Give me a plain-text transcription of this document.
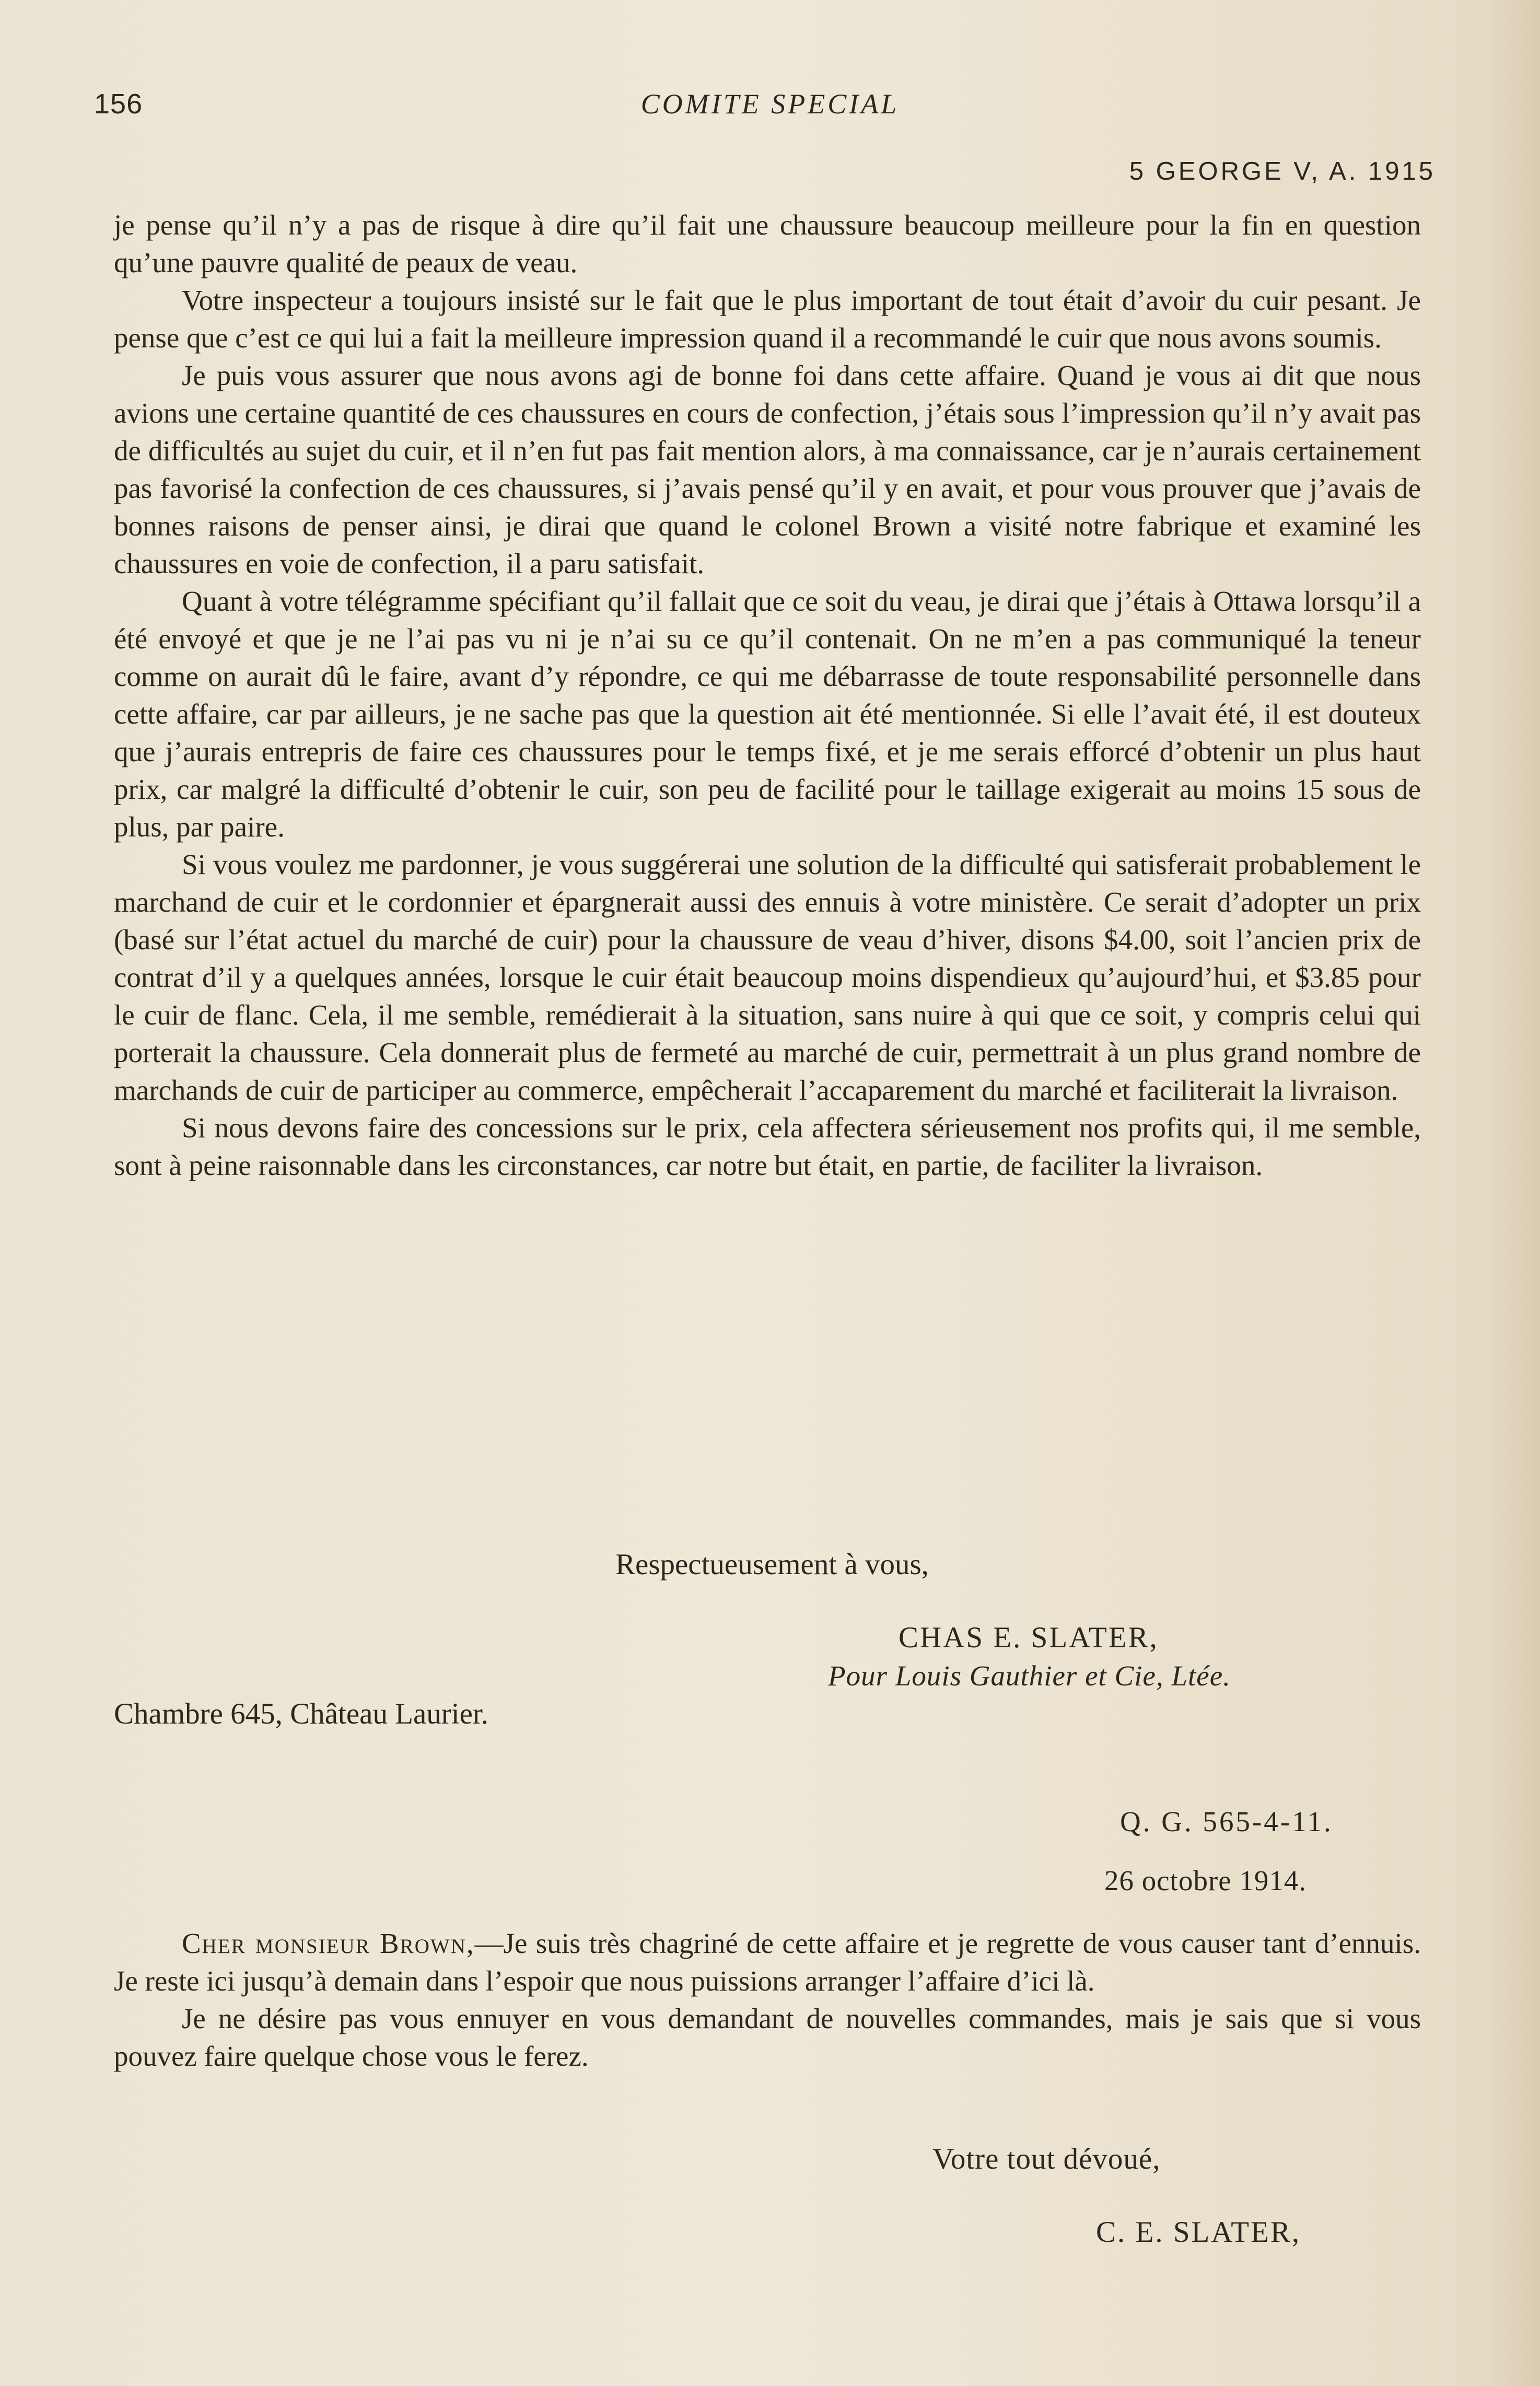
156	COMITE SPECIAL
5 GEORGE V, A. 1915

je pense qu’il n’y a pas de risque à dire qu’il fait une chaussure beaucoup meilleure pour la fin en question qu’une pauvre qualité de peaux de veau.

Votre inspecteur a toujours insisté sur le fait que le plus important de tout était d’avoir du cuir pesant. Je pense que c’est ce qui lui a fait la meilleure impression quand il a recommandé le cuir que nous avons soumis.

Je puis vous assurer que nous avons agi de bonne foi dans cette affaire. Quand je vous ai dit que nous avions une certaine quantité de ces chaussures en cours de confection, j’étais sous l’impression qu’il n’y avait pas de difficultés au sujet du cuir, et il n’en fut pas fait mention alors, à ma connaissance, car je n’aurais certainement pas favorisé la confection de ces chaussures, si j’avais pensé qu’il y en avait, et pour vous prouver que j’avais de bonnes raisons de penser ainsi, je dirai que quand le colonel Brown a visité notre fabrique et examiné les chaussures en voie de confection, il a paru satisfait.

Quant à votre télégramme spécifiant qu’il fallait que ce soit du veau, je dirai que j’étais à Ottawa lorsqu’il a été envoyé et que je ne l’ai pas vu ni je n’ai su ce qu’il contenait. On ne m’en a pas communiqué la teneur comme on aurait dû le faire, avant d’y répondre, ce qui me débarrasse de toute responsabilité personnelle dans cette affaire, car par ailleurs, je ne sache pas que la question ait été mentionnée. Si elle l’avait été, il est douteux que j’aurais entrepris de faire ces chaussures pour le temps fixé, et je me serais efforcé d’obtenir un plus haut prix, car malgré la difficulté d’obtenir le cuir, son peu de facilité pour le taillage exigerait au moins 15 sous de plus, par paire.

Si vous voulez me pardonner, je vous suggérerai une solution de la difficulté qui satisferait probablement le marchand de cuir et le cordonnier et épargnerait aussi des ennuis à votre ministère. Ce serait d’adopter un prix (basé sur l’état actuel du marché de cuir) pour la chaussure de veau d’hiver, disons $4.00, soit l’ancien prix de contrat d’il y a quelques années, lorsque le cuir était beaucoup moins dispendieux qu’aujourd’hui, et $3.85 pour le cuir de flanc. Cela, il me semble, remédierait à la situation, sans nuire à qui que ce soit, y compris celui qui porterait la chaussure. Cela donnerait plus de fermeté au marché de cuir, permettrait à un plus grand nombre de marchands de cuir de participer au commerce, empêcherait l’accaparement du marché et faciliterait la livraison.

Si nous devons faire des concessions sur le prix, cela affectera sérieusement nos profits qui, il me semble, sont à peine raisonnable dans les circonstances, car notre but était, en partie, de faciliter la livraison.

Respectueusement à vous,
CHAS E. SLATER,
Pour Louis Gauthier et Cie, Ltée.
Chambre 645, Château Laurier.
Q. G. 565-4-11.
26 octobre 1914.

Cher monsieur Brown,—Je suis très chagriné de cette affaire et je regrette de vous causer tant d’ennuis. Je reste ici jusqu’à demain dans l’espoir que nous puissions arranger l’affaire d’ici là.

Je ne désire pas vous ennuyer en vous demandant de nouvelles commandes, mais je sais que si vous pouvez faire quelque chose vous le ferez.

Votre tout dévoué,
C. E. SLATER,
